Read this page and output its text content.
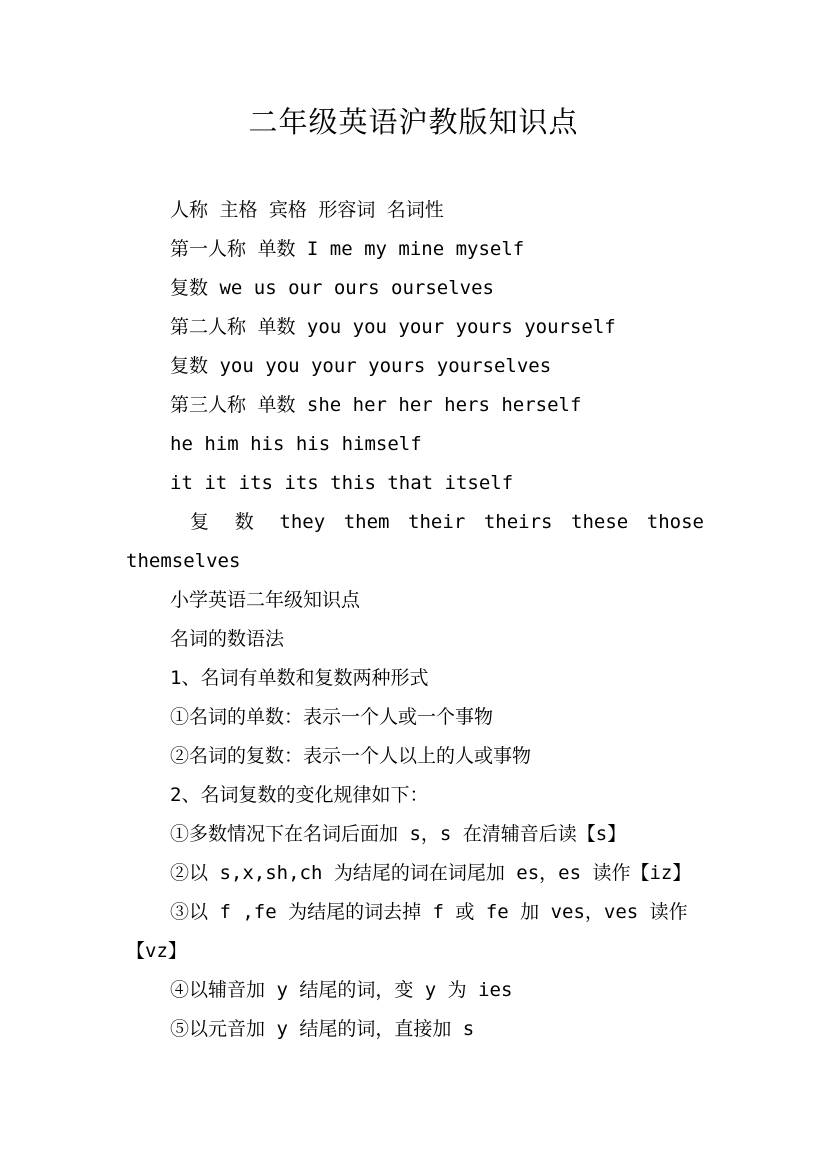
二年级英语沪教版知识点
人称 主格 宾格 形容词 名词性
第一人称 单数 I me my mine myself
复数 we us our ours ourselves
第二人称 单数 you you your yours yourself
复数 you you your yours yourselves
第三人称 单数 she her her hers herself
he him his his himself
it it its its this that itself
复 数 they them their theirs these those
themselves
小学英语二年级知识点
名词的数语法
1、名词有单数和复数两种形式
①名词的单数：表示一个人或一个事物
②名词的复数：表示一个人以上的人或事物
2、名词复数的变化规律如下：
①多数情况下在名词后面加 s，s 在清辅音后读【s】
②以 s,x,sh,ch 为结尾的词在词尾加 es，es 读作【iz】
③以 f ,fe 为结尾的词去掉 f 或 fe 加 ves，ves 读作
【vz】
④以辅音加 y 结尾的词，变 y 为 ies
⑤以元音加 y 结尾的词，直接加 s
